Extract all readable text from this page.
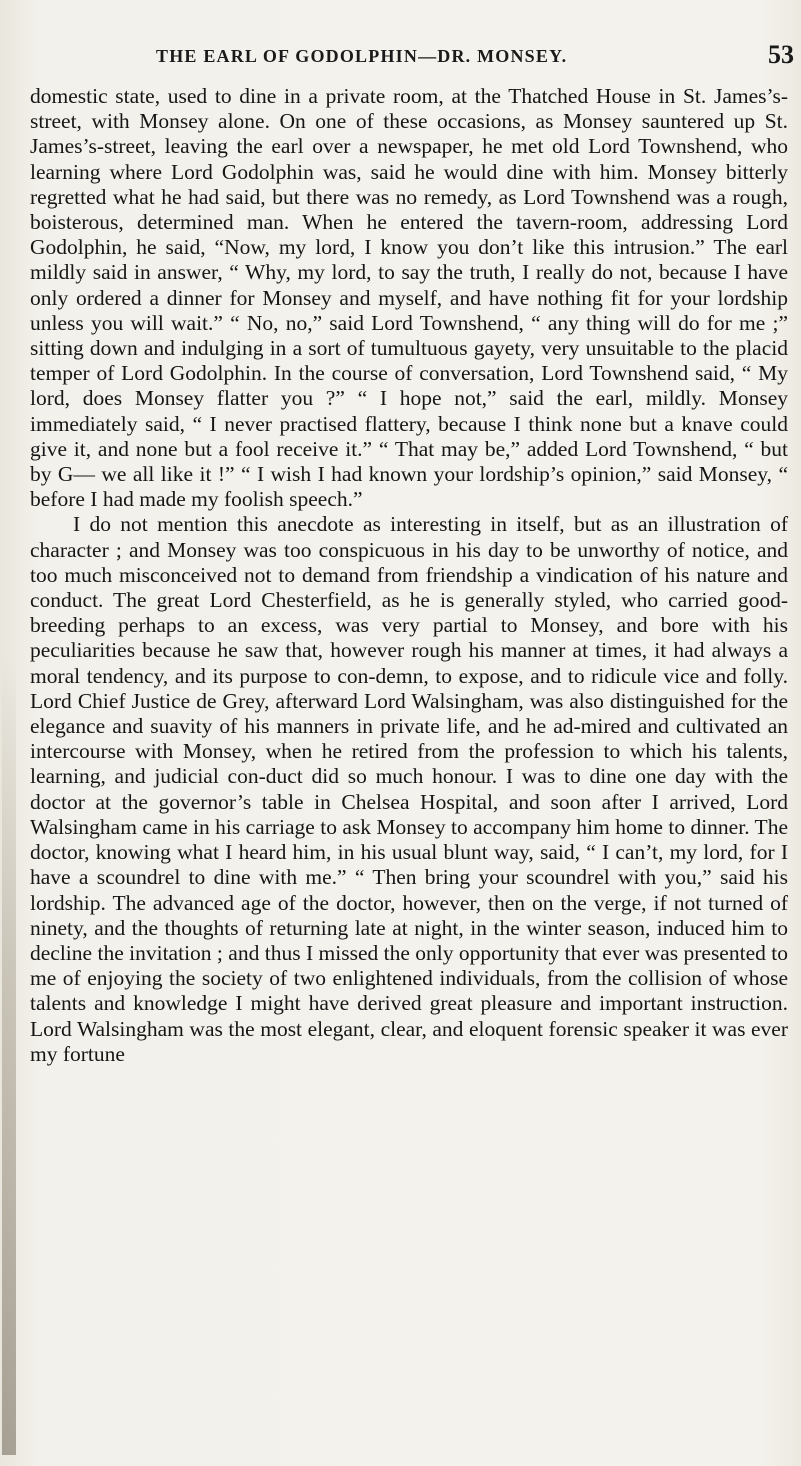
THE EARL OF GODOLPHIN—DR. MONSEY.	53

domestic state, used to dine in a private room, at the Thatched House in St. James’s-street, with Monsey alone. On one of these occasions, as Monsey sauntered up St. James’s-street, leaving the earl over a newspaper, he met old Lord Townshend, who learning where Lord Godolphin was, said he would dine with him. Monsey bitterly regretted what he had said, but there was no remedy, as Lord Townshend was a rough, boisterous, determined man. When he entered the tavern-room, addressing Lord Godolphin, he said, “Now, my lord, I know you don’t like this intrusion.” The earl mildly said in answer, “ Why, my lord, to say the truth, I really do not, because I have only ordered a dinner for Monsey and myself, and have nothing fit for your lordship unless you will wait.” “ No, no,” said Lord Townshend, “ any thing will do for me ;” sitting down and indulging in a sort of tumultuous gayety, very unsuitable to the placid temper of Lord Godolphin. In the course of conversation, Lord Townshend said, “ My lord, does Monsey flatter you ?” “ I hope not,” said the earl, mildly. Monsey immediately said, “ I never practised flattery, because I think none but a knave could give it, and none but a fool receive it.” “ That may be,” added Lord Townshend, “ but by G— we all like it !” “ I wish I had known your lordship’s opinion,” said Monsey, “ before I had made my foolish speech.”

I do not mention this anecdote as interesting in itself, but as an illustration of character ; and Monsey was too conspicuous in his day to be unworthy of notice, and too much misconceived not to demand from friendship a vindication of his nature and conduct. The great Lord Chesterfield, as he is generally styled, who carried good-breeding perhaps to an excess, was very partial to Monsey, and bore with his peculiarities because he saw that, however rough his manner at times, it had always a moral tendency, and its purpose to con-demn, to expose, and to ridicule vice and folly. Lord Chief Justice de Grey, afterward Lord Walsingham, was also distinguished for the elegance and suavity of his manners in private life, and he ad-mired and cultivated an intercourse with Monsey, when he retired from the profession to which his talents, learning, and judicial con-duct did so much honour. I was to dine one day with the doctor at the governor’s table in Chelsea Hospital, and soon after I arrived, Lord Walsingham came in his carriage to ask Monsey to accompany him home to dinner. The doctor, knowing what I heard him, in his usual blunt way, said, “ I can’t, my lord, for I have a scoundrel to dine with me.” “ Then bring your scoundrel with you,” said his lordship. The advanced age of the doctor, however, then on the verge, if not turned of ninety, and the thoughts of returning late at night, in the winter season, induced him to decline the invitation ; and thus I missed the only opportunity that ever was presented to me of enjoying the society of two enlightened individuals, from the collision of whose talents and knowledge I might have derived great pleasure and important instruction. Lord Walsingham was the most elegant, clear, and eloquent forensic speaker it was ever my fortune
